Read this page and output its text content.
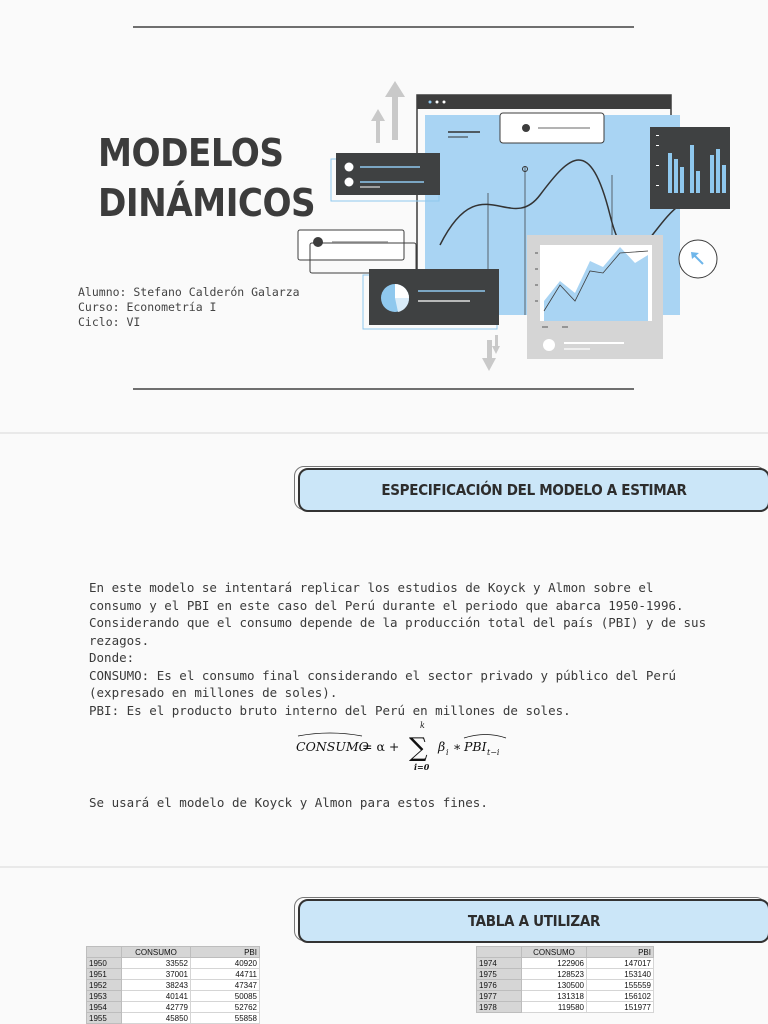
MODELOS
DINÁMICOS
Alumno: Stefano Calderón Galarza
Curso: Econometría I
Ciclo: VI
ESPECIFICACIÓN DEL MODELO A ESTIMAR

En este modelo se intentará replicar los estudios de Koyck y Almon sobre el consumo y el PBI en este caso del Perú durante el periodo que abarca 1950-1996. Considerando que el consumo depende de la producción total del país (PBI) y de sus rezagos.

Donde:

CONSUMO: Es el consumo final considerando el sector privado y público del Perú (expresado en millones de soles).

PBI: Es el producto bruto interno del Perú en millones de soles.

CONSUMO
= α + ∑
k
i=0
β i ∗ PBI t−i

Se usará el modelo de Koyck y Almon para estos fines.

TABLA A UTILIZAR
	CONSUMO	PBI
1950	33552	40920
1951	37001	44711
1952	38243	47347
1953	40141	50085
1954	42779	52762
1955	45850	55858
	CONSUMO	PBI
1974	122906	147017
1975	128523	153140
1976	130500	155559
1977	131318	156102
1978	119580	151977
